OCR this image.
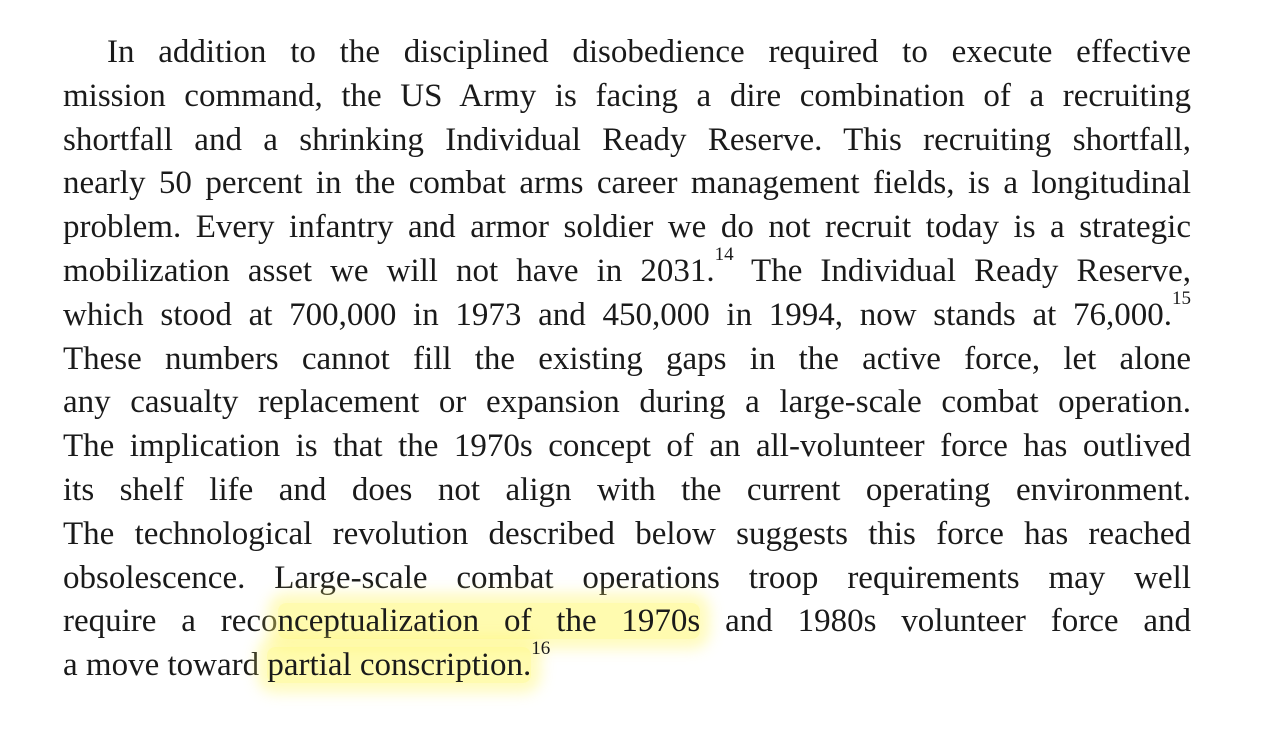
In addition to the disciplined disobedience required to execute effective
mission command, the US Army is facing a dire combination of a recruiting
shortfall and a shrinking Individual Ready Reserve. This recruiting shortfall,
nearly 50 percent in the combat arms career management fields, is a longitudinal
problem. Every infantry and armor soldier we do not recruit today is a strategic
mobilization asset we will not have in 2031.14 The Individual Ready Reserve,
which stood at 700,000 in 1973 and 450,000 in 1994, now stands at 76,000.15
These numbers cannot fill the existing gaps in the active force, let alone
any casualty replacement or expansion during a large-scale combat operation.
The implication is that the 1970s concept of an all-volunteer force has outlived
its shelf life and does not align with the current operating environment.
The technological revolution described below suggests this force has reached
obsolescence. Large-scale combat operations troop requirements may well
require a reconceptualization of the 1970s and 1980s volunteer force and
a move toward partial conscription.$^{16}$
